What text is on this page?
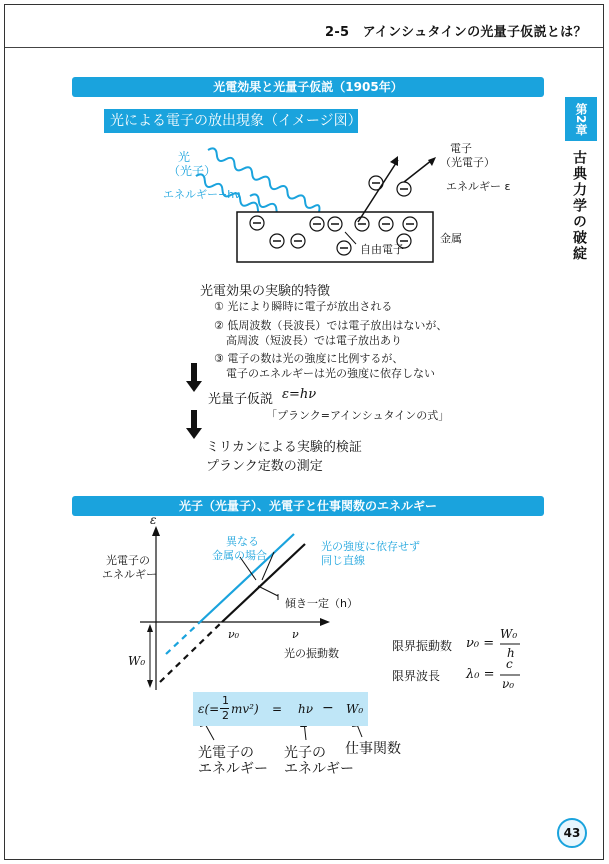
2-5　アインシュタインの光量子仮説とは？
第2章
古典力学の破綻
光電効果と光量子仮説（1905年）
光による電子の放出現象（イメージ図）
光
（光子）
エネルギー−hν
電子
（光電子）
エネルギー ε
金属
自由電子
光電効果の実験的特徴
① 光により瞬時に電子が放出される
② 低周波数（長波長）では電子放出はないが、
高周波（短波長）では電子放出あり
③ 電子の数は光の強度に比例するが、
電子のエネルギーは光の強度に依存しない
光量子仮説 ε=hν
「プランク=アインシュタインの式」
ミリカンによる実験的検証
プランク定数の測定
光子（光量子）、光電子と仕事関数のエネルギー
ε
光電子の
エネルギー
異なる
金属の場合
光の強度に依存せず
同じ直線
傾き一定（h）
ν₀	ν
光の振動数
W₀
限界振動数 ν₀ =
W₀
h
限界波長 λ₀ =
c
ν₀
ε(=
1
2 mv²) = hν − W₀
光電子の
エネルギー
光子の
エネルギー
仕事関数
43
